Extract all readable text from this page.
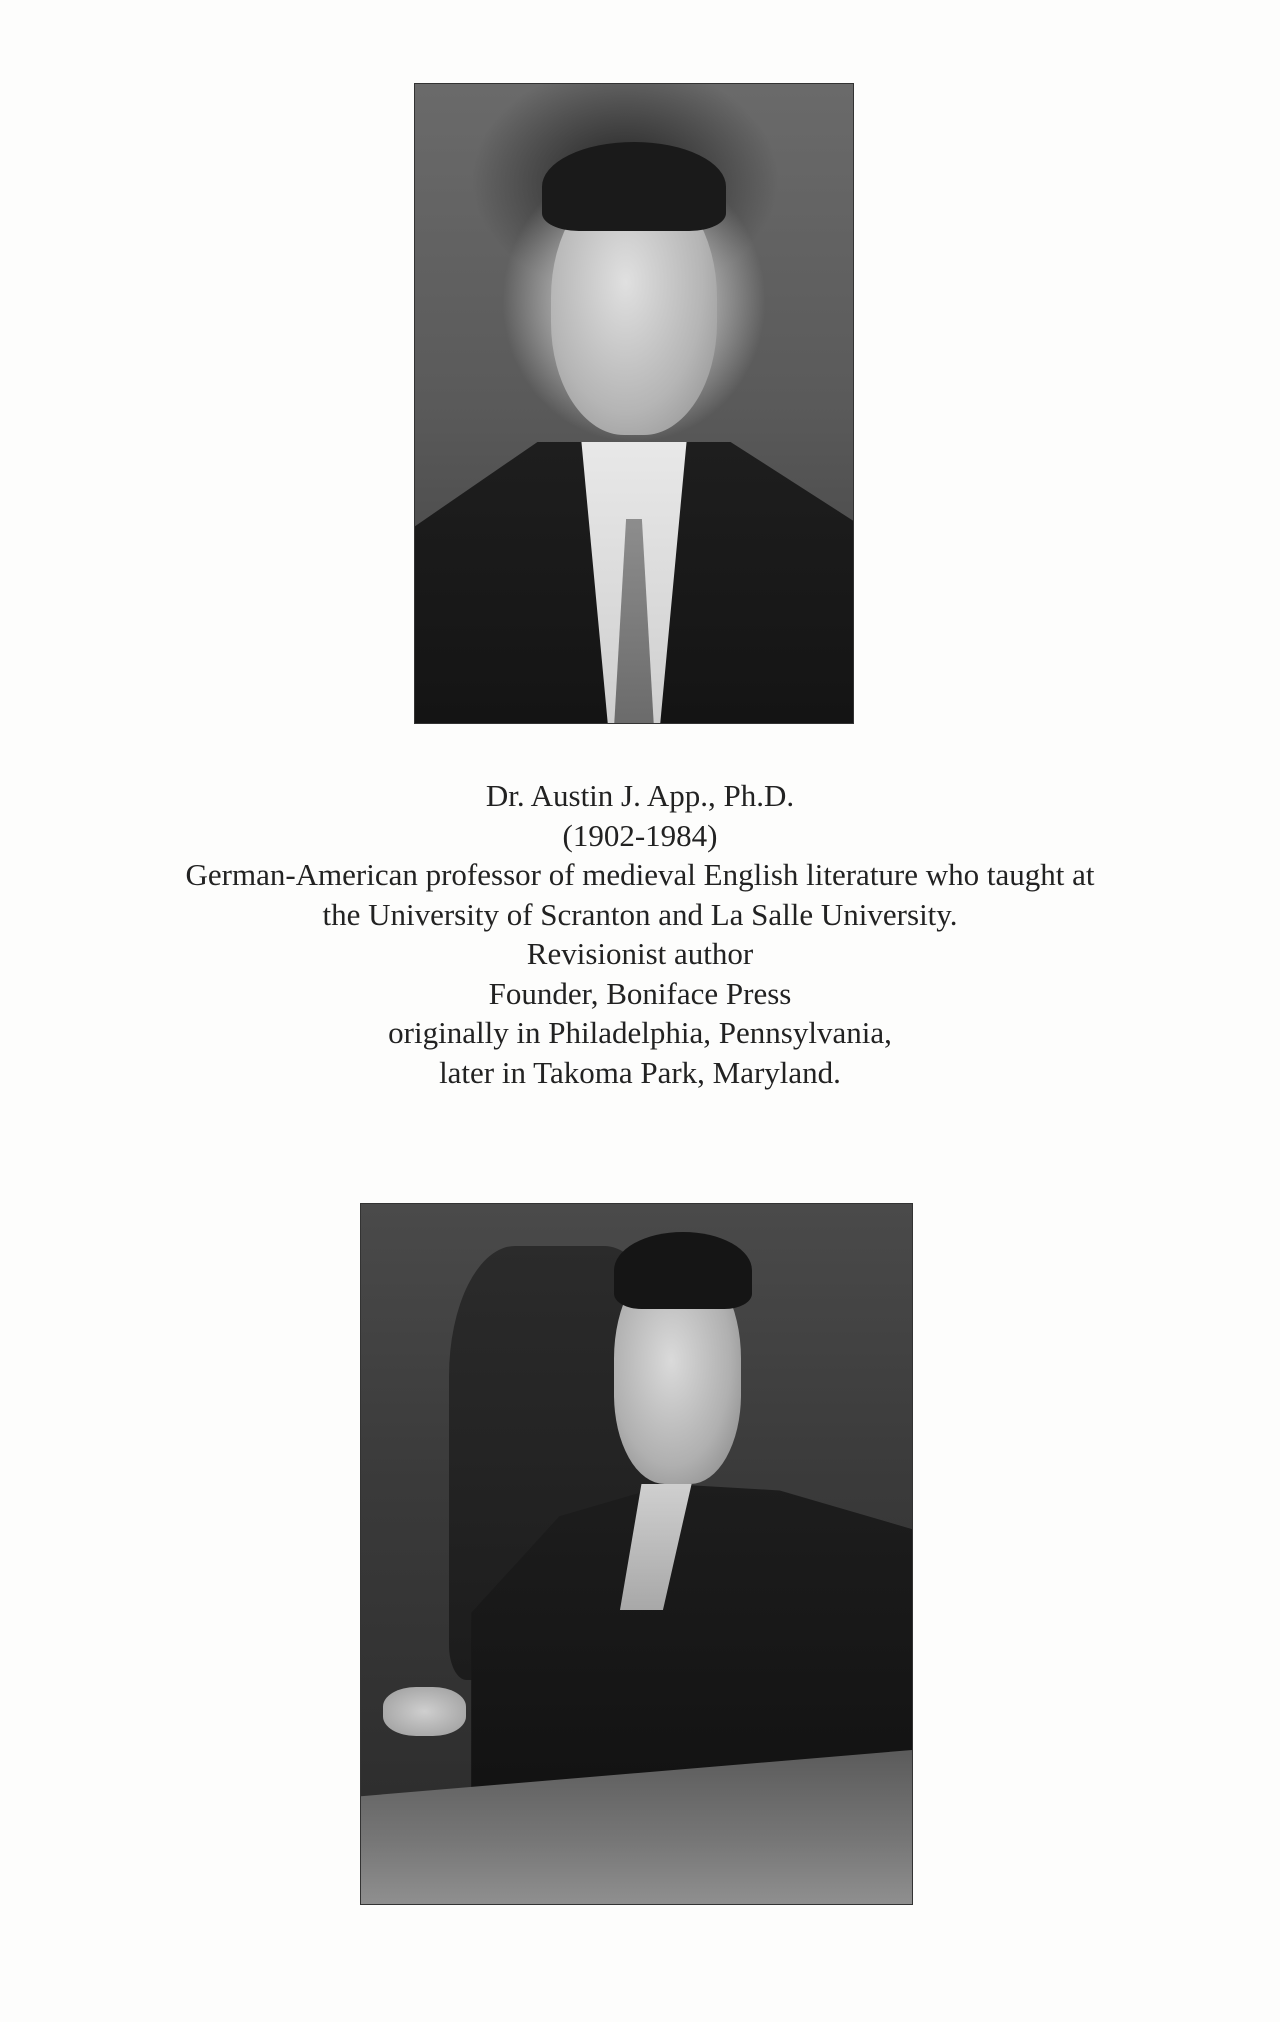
Dr. Austin J. App., Ph.D.
(1902-1984)
German-American professor of medieval English literature who taught at
the University of Scranton and La Salle University.
Revisionist author
Founder, Boniface Press
originally in Philadelphia, Pennsylvania,
later in Takoma Park, Maryland.
